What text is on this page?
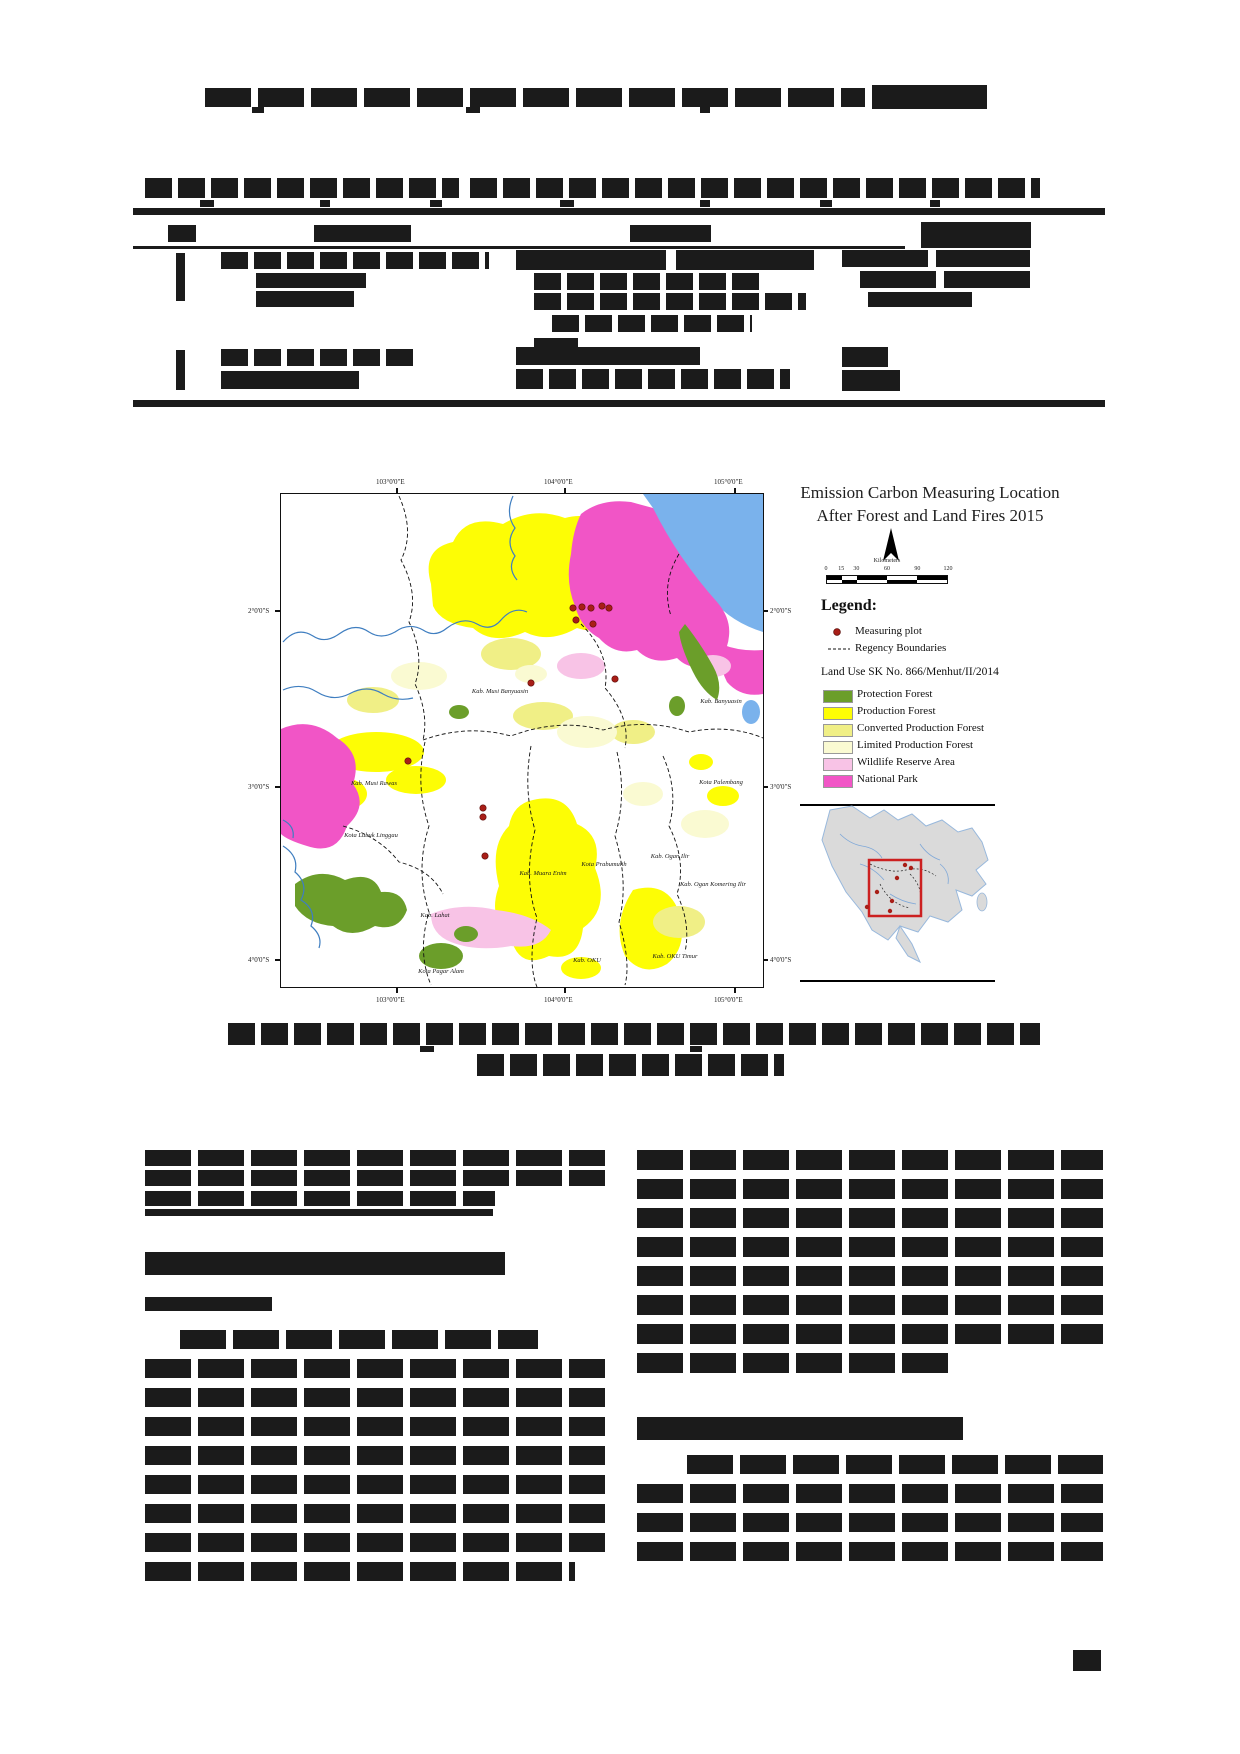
Kab. Musi Banyuasin
Kab. Banyuasin
Kab. Musi Rawas
Kota Lubuk Linggau
Kota Palembang
Kota Prabumulih
Kab. Muara Enim
Kab. Ogan Ilir
Kab. Ogan Komering Ilir
Kab. Lahat
Kab. OKU
Kab. OKU Timur
Kota Pagar Alam
103°0'0"E	104°0'0"E	105°0'0"E
103°0'0"E	104°0'0"E	105°0'0"E
2°0'0"S
3°0'0"S
4°0'0"S
2°0'0"S
3°0'0"S
4°0'0"S
Emission Carbon Measuring Location
After Forest and Land Fires 2015
Kilometers
0 15 30	60	90	120
Legend:
Measuring plot
Regency Boundaries
Land Use SK No. 866/Menhut/II/2014
Protection Forest
Production Forest
Converted Production Forest
Limited Production Forest
Wildlife Reserve Area
National Park
